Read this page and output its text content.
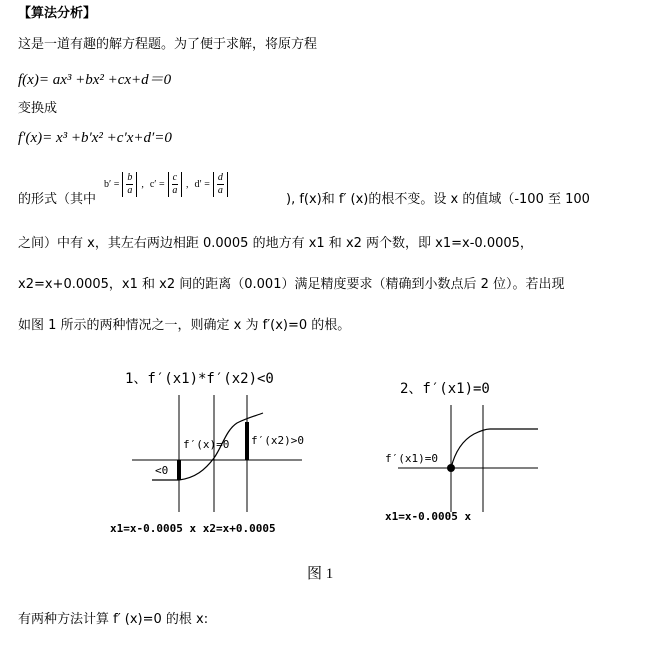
【算法分析】
这是一道有趣的解方程题。为了便于求解，将原方程
f(x)= ax³ +bx² +cx+d＝0
变换成
f′(x)= x³ +b′x² +c′x+d′=0
的形式（其中
$b' = \frac{b}{a}$ , $c' = \frac{c}{a}$ , $d' = \frac{d}{a}$
), f(x)和 f′ (x)的根不变。设 x 的值域（-100 至 100
之间）中有 x，其左右两边相距 0.0005 的地方有 x1 和 x2 两个数，即 x1=x-0.0005，
x2=x+0.0005，x1 和 x2 间的距离（0.001）满足精度要求（精确到小数点后 2 位）。若出现
如图 1 所示的两种情况之一，则确定 x 为 f′(x)=0 的根。
1、f′(x1)*f′(x2)<0
f′(x)=0 f′(x2)>0
<0
x1=x-0.0005 x x2=x+0.0005
2、f′(x1)=0
f′(x1)=0
x1=x-0.0005 x
图 1
有两种方法计算 f′ (x)=0 的根 x:
